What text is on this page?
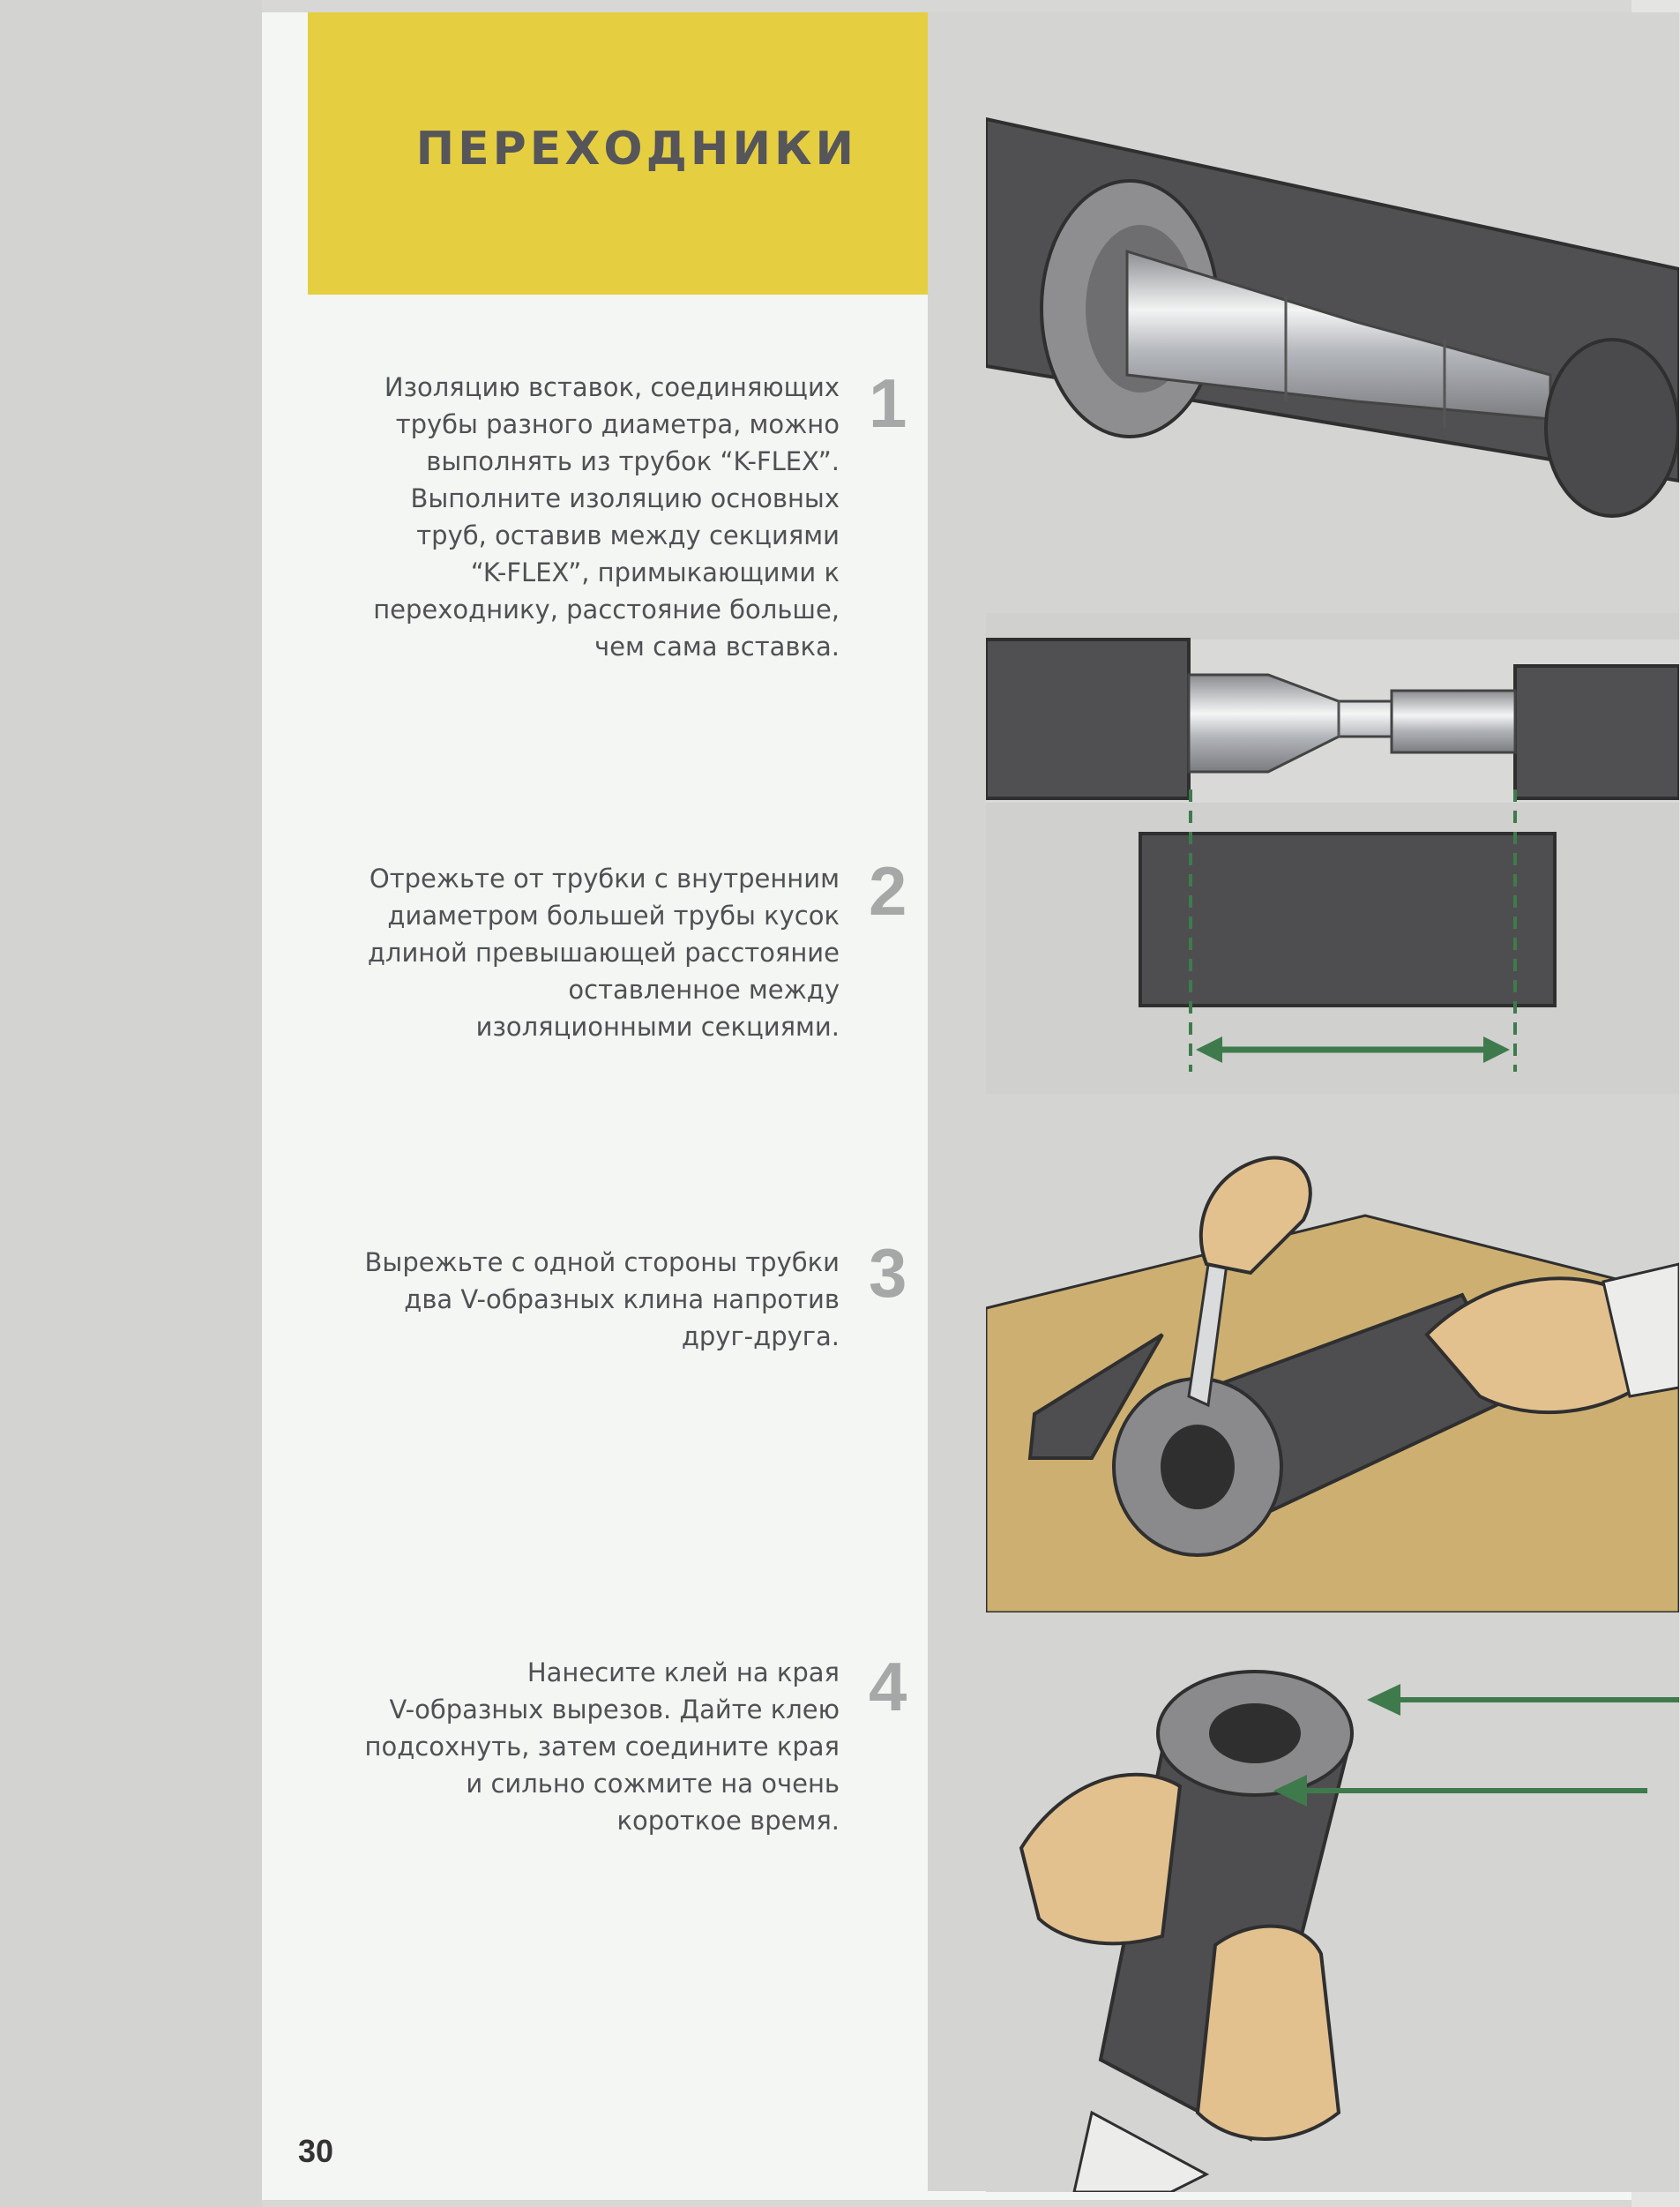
ПЕРЕХОДНИКИ
Изоляцию вставок, соединяющих
трубы разного диаметра, можно
выполнять из трубок “K-FLEX”.
Выполните изоляцию основных
труб, оставив между секциями
“K-FLEX”, примыкающими к
переходнику, расстояние больше,
чем сама вставка.
1
Отрежьте от трубки с внутренним
диаметром большей трубы кусок
длиной превышающей расстояние
оставленное между
изоляционными секциями.
2
Вырежьте с одной стороны трубки
два V-образных клина напротив
друг-друга.
3
Нанесите клей на края
V-образных вырезов. Дайте клею
подсохнуть, затем соедините края
и сильно сожмите на очень
короткое время.
4
30
